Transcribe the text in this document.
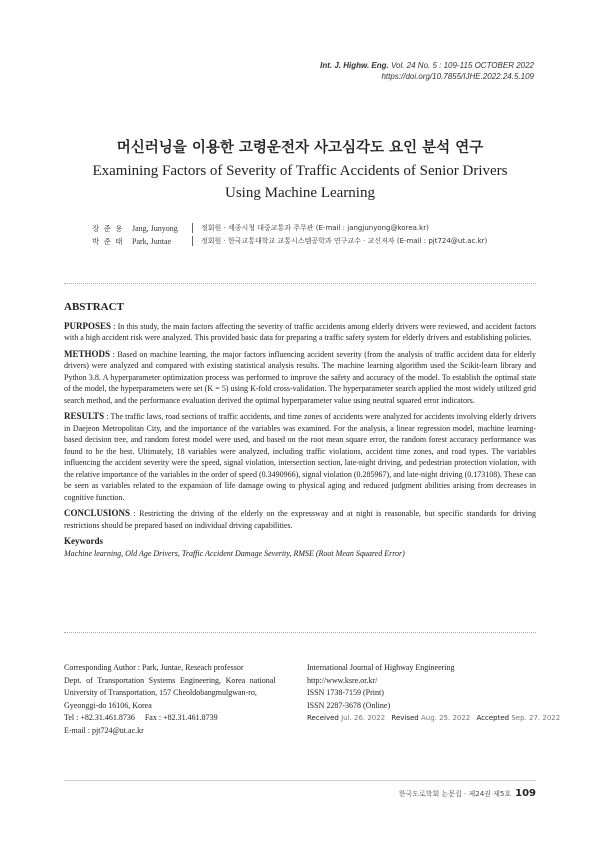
Int. J. Highw. Eng. Vol. 24 No. 5 : 109-115 OCTOBER 2022
https://doi.org/10.7855/IJHE.2022.24.5.109
머신러닝을 이용한 고령운전자 사고심각도 요인 분석 연구
Examining Factors of Severity of Traffic Accidents of Senior Drivers
Using Machine Learning
장 준 용	Jang, Junyong	정회원 · 세종시청 대중교통과 주무관 (E-mail : jangjunyong@korea.kr)
박 준 태	Park, Juntae	정회원 · 한국교통대학교 교통시스템공학과 연구교수 · 교신저자 (E-mail : pjt724@ut.ac.kr)
ABSTRACT

PURPOSES : In this study, the main factors affecting the severity of traffic accidents among elderly drivers were reviewed, and accident factors with a high accident risk were analyzed. This provided basic data for preparing a traffic safety system for elderly drivers and establishing policies.

METHODS : Based on machine learning, the major factors influencing accident severity (from the analysis of traffic accident data for elderly drivers) were analyzed and compared with existing statistical analysis results. The machine learning algorithm used the Scikit-learn library and Python 3.8. A hyperparameter optimization process was performed to improve the safety and accuracy of the model. To establish the optimal state of the model, the hyperparameters were set (K = 5) using K-fold cross-validation. The hyperparameter search applied the most widely utilized grid search method, and the performance evaluation derived the optimal hyperparameter value using neutral squared error indicators.

RESULTS : The traffic laws, road sections of traffic accidents, and time zones of accidents were analyzed for accidents involving elderly drivers in Daejeon Metropolitan City, and the importance of the variables was examined. For the analysis, a linear regression model, machine learning-based decision tree, and random forest model were used, and based on the root mean square error, the random forest accuracy performance was found to be the best. Ultimately, 18 variables were analyzed, including traffic violations, accident time zones, and road types. The variables influencing the accident severity were the speed, signal violation, intersection section, late-night driving, and pedestrian protection violation, with the relative importance of the variables in the order of speed (0.3490966), signal violation (0.285967), and late-night driving (0.173108). These can be seen as variables related to the expansion of life damage owing to physical aging and reduced judgment abilities arising from decreases in cognitive function.

CONCLUSIONS : Restricting the driving of the elderly on the expressway and at night is reasonable, but specific standards for driving restrictions should be prepared based on individual driving capabilities.

Keywords
Machine learning, Old Age Drivers, Traffic Accident Damage Severity, RMSE (Root Mean Squared Error)
Corresponding Author : Park, Juntae, Reseach professor
Dept. of Transportation Systems Engineering, Korea national
University of Transportation, 157 Cheoldobangmulgwan-ro,
Gyeonggi-do 16106, Korea
Tel : +82.31.461.8736     Fax : +82.31.461.8739
E-mail : pjt724@ut.ac.kr
International Journal of Highway Engineering
http://www.ksre.or.kr/
ISSN 1738-7159 (Print)
ISSN 2287-3678 (Online)
Received Jul. 26. 2022 Revised Aug. 25. 2022 Accepted Sep. 27. 2022
한국도로학회 논문집 · 제24권 제5호 109
